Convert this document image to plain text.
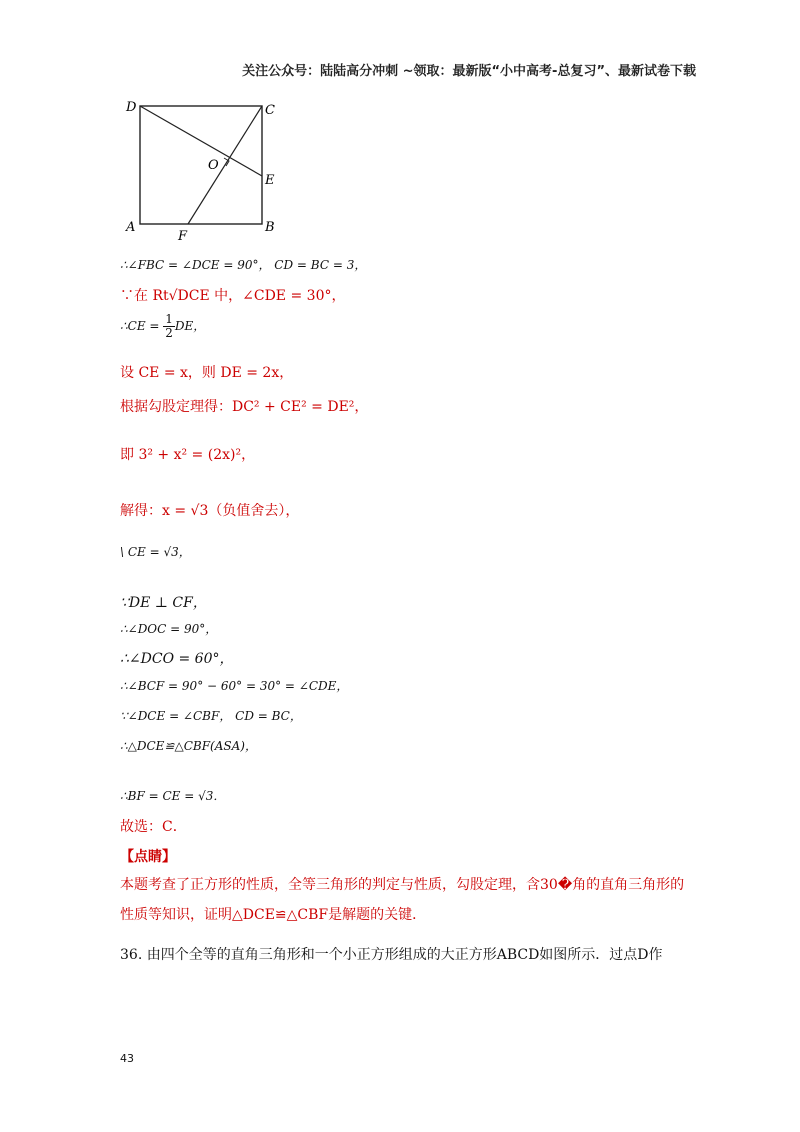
关注公众号：陆陆高分冲刺 ~领取：最新版“小中高考-总复习”、最新试卷下载
D	C
A	B
O
E
F
∴∠FBC = ∠DCE = 90°， CD = BC = 3，
∵在 Rt√DCE 中，∠CDE = 30°，
∴CE = $\frac{1}{2}$ DE，
设 CE = x，则 DE = 2x，
根据勾股定理得：DC² + CE² = DE²，
即 3² + x² = (2x)²，
解得：x = √3（负值舍去），
\ CE = √3，
∵DE ⊥ CF，
∴∠DOC = 90°，
∴∠DCO = 60°，
∴∠BCF = 90° − 60° = 30° = ∠CDE，
∵∠DCE = ∠CBF， CD = BC，
∴△DCE≌△CBF(ASA)，
∴BF = CE = √3．
故选：C．
【点睛】
本题考查了正方形的性质，全等三角形的判定与性质，勾股定理，含30�角的直角三角形的性质等知识，证明△DCE≌△CBF是解题的关键．
36. 由四个全等的直角三角形和一个小正方形组成的大正方形ABCD如图所示．过点D作
43
